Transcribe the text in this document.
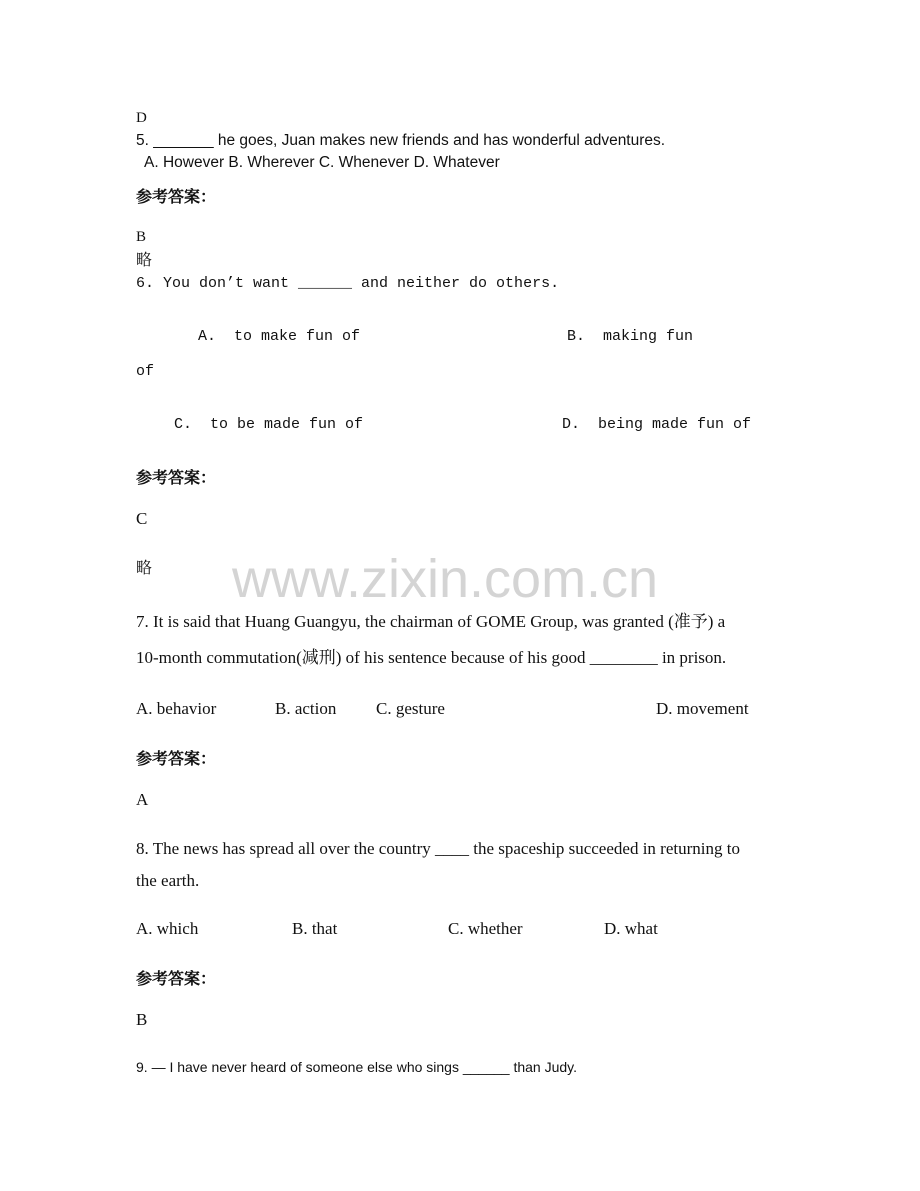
www.zixin.com.cn
D
5. _______ he goes, Juan makes new friends and has wonderful adventures.
A. However B. Wherever C. Whenever D. Whatever
参考答案：
B
略
6. You don’t want ______ and neither do others.
A.  to make fun of	B.  making fun
of
C.  to be made fun of	D.  being made fun of
参考答案：
C
略
7. It is said that Huang Guangyu, the chairman of GOME Group, was granted (准予) a
10-month commutation(减刑) of his sentence because of his good ________ in prison.
A. behavior	B. action C. gesture	D. movement
参考答案：
A
8. The news has spread all over the country ____ the spaceship succeeded in returning to
the earth.
A. which	B. that	C. whether	D. what
参考答案：
B
9. — I have never heard of someone else who sings ______ than Judy.
